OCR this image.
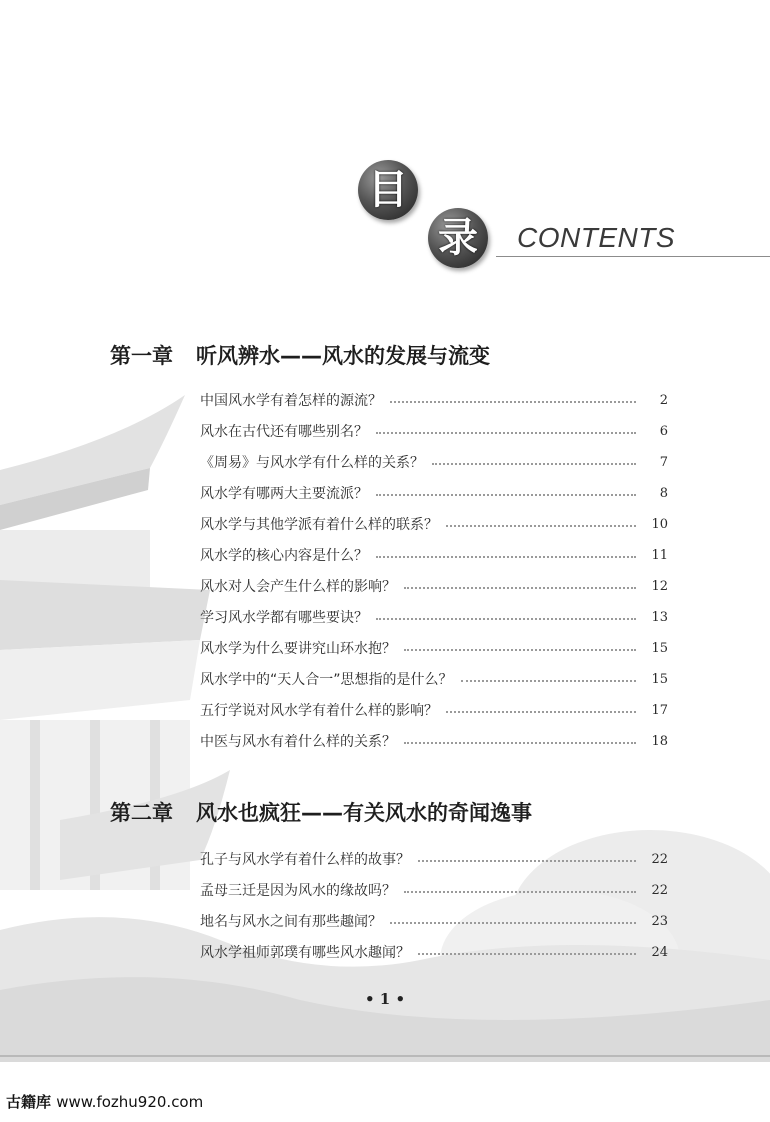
目
录	CONTENTS
第一章 听风辨水——风水的发展与流变
中国风水学有着怎样的源流？	2
风水在古代还有哪些别名？	6
《周易》与风水学有什么样的关系？	7
风水学有哪两大主要流派？	8
风水学与其他学派有着什么样的联系？	10
风水学的核心内容是什么？	11
风水对人会产生什么样的影响？	12
学习风水学都有哪些要诀？	13
风水学为什么要讲究山环水抱？	15
风水学中的“天人合一”思想指的是什么？	15
五行学说对风水学有着什么样的影响？	17
中医与风水有着什么样的关系？	18
第二章 风水也疯狂——有关风水的奇闻逸事
孔子与风水学有着什么样的故事？	22
孟母三迁是因为风水的缘故吗？	22
地名与风水之间有那些趣闻？	23
风水学祖师郭璞有哪些风水趣闻？	24
• 1 •
古籍库 www.fozhu920.com
